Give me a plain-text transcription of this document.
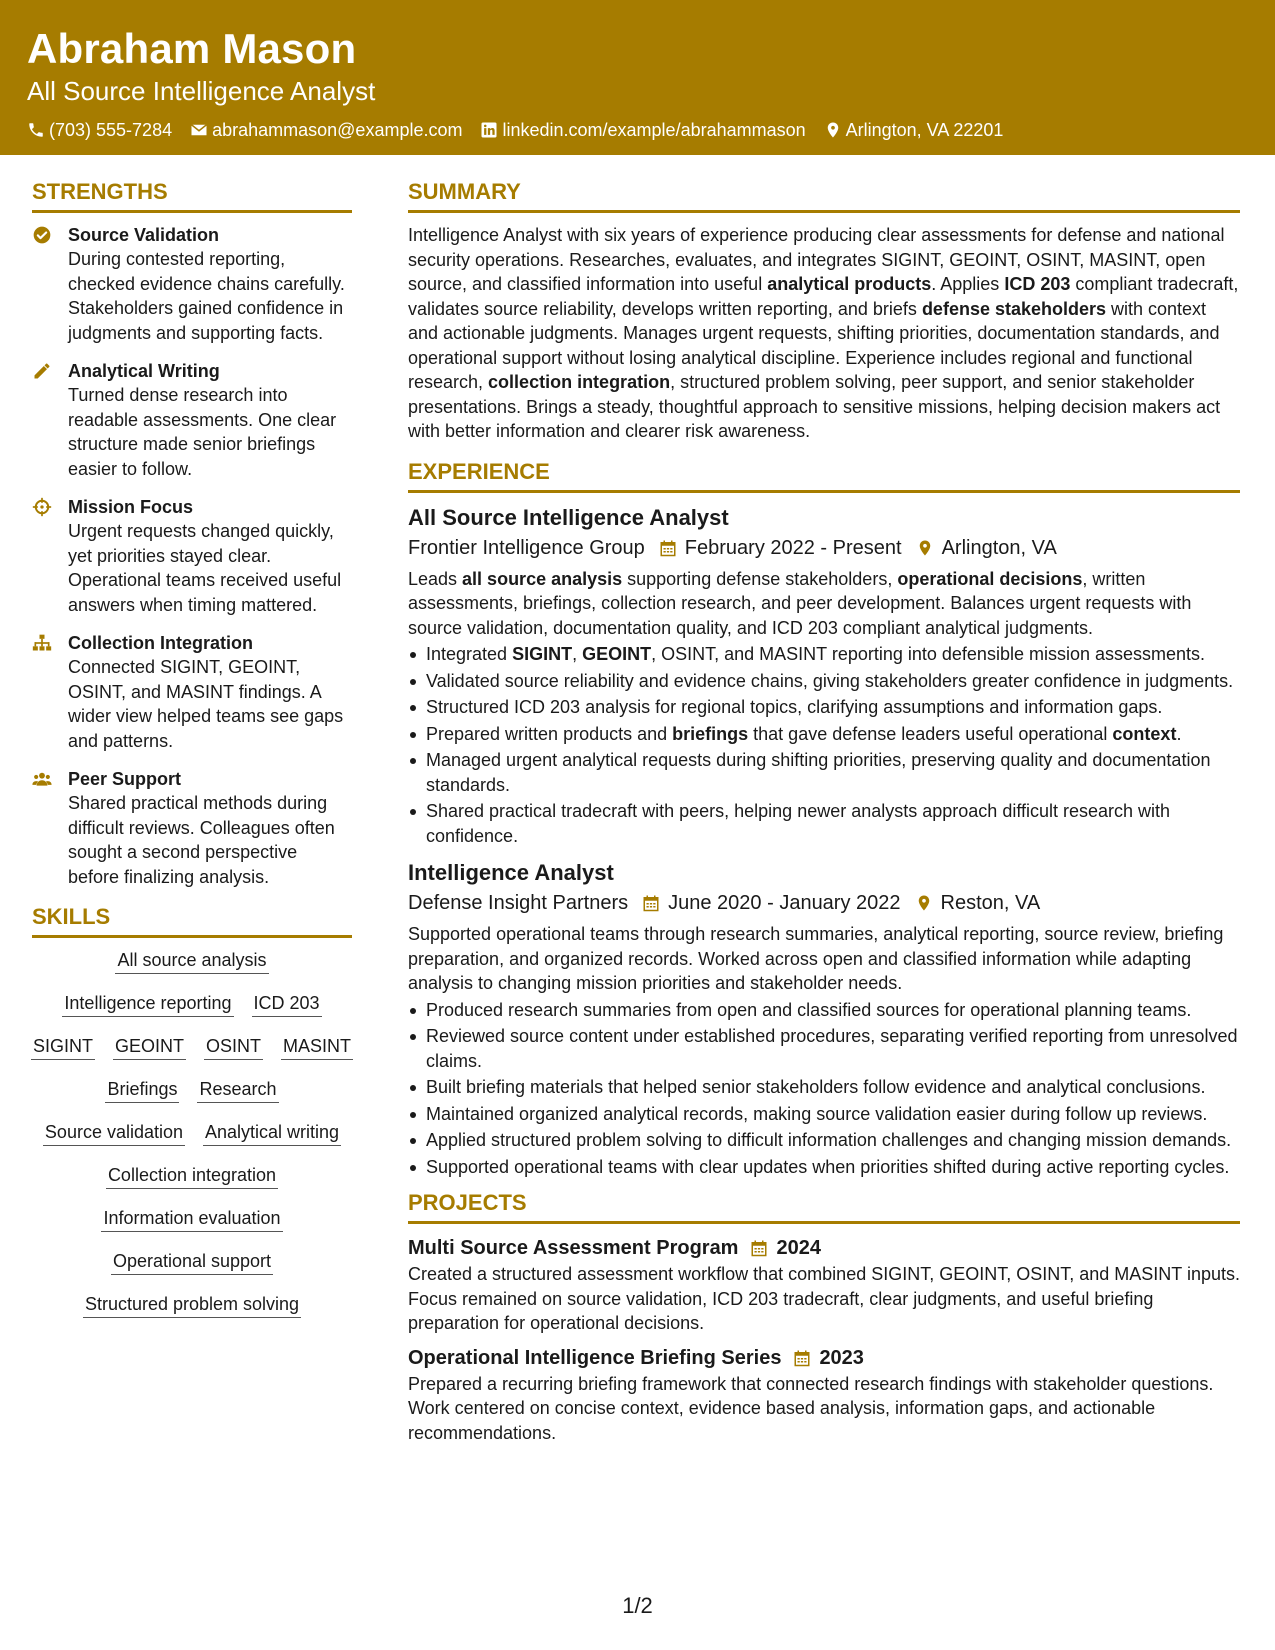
Abraham Mason
All Source Intelligence Analyst
(703) 555-7284 abrahammason@example.com linkedin.com/example/abrahammason Arlington, VA 22201
STRENGTHS
Source Validation
During contested reporting, checked evidence chains carefully. Stakeholders gained confidence in judgments and supporting facts.
Analytical Writing
Turned dense research into readable assessments. One clear structure made senior briefings easier to follow.
Mission Focus
Urgent requests changed quickly, yet priorities stayed clear. Operational teams received useful answers when timing mattered.
Collection Integration
Connected SIGINT, GEOINT, OSINT, and MASINT findings. A wider view helped teams see gaps and patterns.
Peer Support
Shared practical methods during difficult reviews. Colleagues often sought a second perspective before finalizing analysis.
SKILLS
All source analysis
Intelligence reporting ICD 203
SIGINT GEOINT OSINT MASINT
Briefings Research
Source validation Analytical writing
Collection integration
Information evaluation
Operational support
Structured problem solving
SUMMARY
Intelligence Analyst with six years of experience producing clear assessments for defense and national security operations. Researches, evaluates, and integrates SIGINT, GEOINT, OSINT, MASINT, open source, and classified information into useful analytical products. Applies ICD 203 compliant tradecraft, validates source reliability, develops written reporting, and briefs defense stakeholders with context and actionable judgments. Manages urgent requests, shifting priorities, documentation standards, and operational support without losing analytical discipline. Experience includes regional and functional research, collection integration, structured problem solving, peer support, and senior stakeholder presentations. Brings a steady, thoughtful approach to sensitive missions, helping decision makers act with better information and clearer risk awareness.
EXPERIENCE
All Source Intelligence Analyst
Frontier Intelligence Group February 2022 - Present Arlington, VA
Leads all source analysis supporting defense stakeholders, operational decisions, written assessments, briefings, collection research, and peer development. Balances urgent requests with source validation, documentation quality, and ICD 203 compliant analytical judgments.
Integrated SIGINT, GEOINT, OSINT, and MASINT reporting into defensible mission assessments.
Validated source reliability and evidence chains, giving stakeholders greater confidence in judgments.
Structured ICD 203 analysis for regional topics, clarifying assumptions and information gaps.
Prepared written products and briefings that gave defense leaders useful operational context.
Managed urgent analytical requests during shifting priorities, preserving quality and documentation standards.
Shared practical tradecraft with peers, helping newer analysts approach difficult research with confidence.
Intelligence Analyst
Defense Insight Partners June 2020 - January 2022 Reston, VA
Supported operational teams through research summaries, analytical reporting, source review, briefing preparation, and organized records. Worked across open and classified information while adapting analysis to changing mission priorities and stakeholder needs.
Produced research summaries from open and classified sources for operational planning teams.
Reviewed source content under established procedures, separating verified reporting from unresolved claims.
Built briefing materials that helped senior stakeholders follow evidence and analytical conclusions.
Maintained organized analytical records, making source validation easier during follow up reviews.
Applied structured problem solving to difficult information challenges and changing mission demands.
Supported operational teams with clear updates when priorities shifted during active reporting cycles.
PROJECTS
Multi Source Assessment Program 2024
Created a structured assessment workflow that combined SIGINT, GEOINT, OSINT, and MASINT inputs. Focus remained on source validation, ICD 203 tradecraft, clear judgments, and useful briefing preparation for operational decisions.
Operational Intelligence Briefing Series 2023
Prepared a recurring briefing framework that connected research findings with stakeholder questions. Work centered on concise context, evidence based analysis, information gaps, and actionable recommendations.
1/2
